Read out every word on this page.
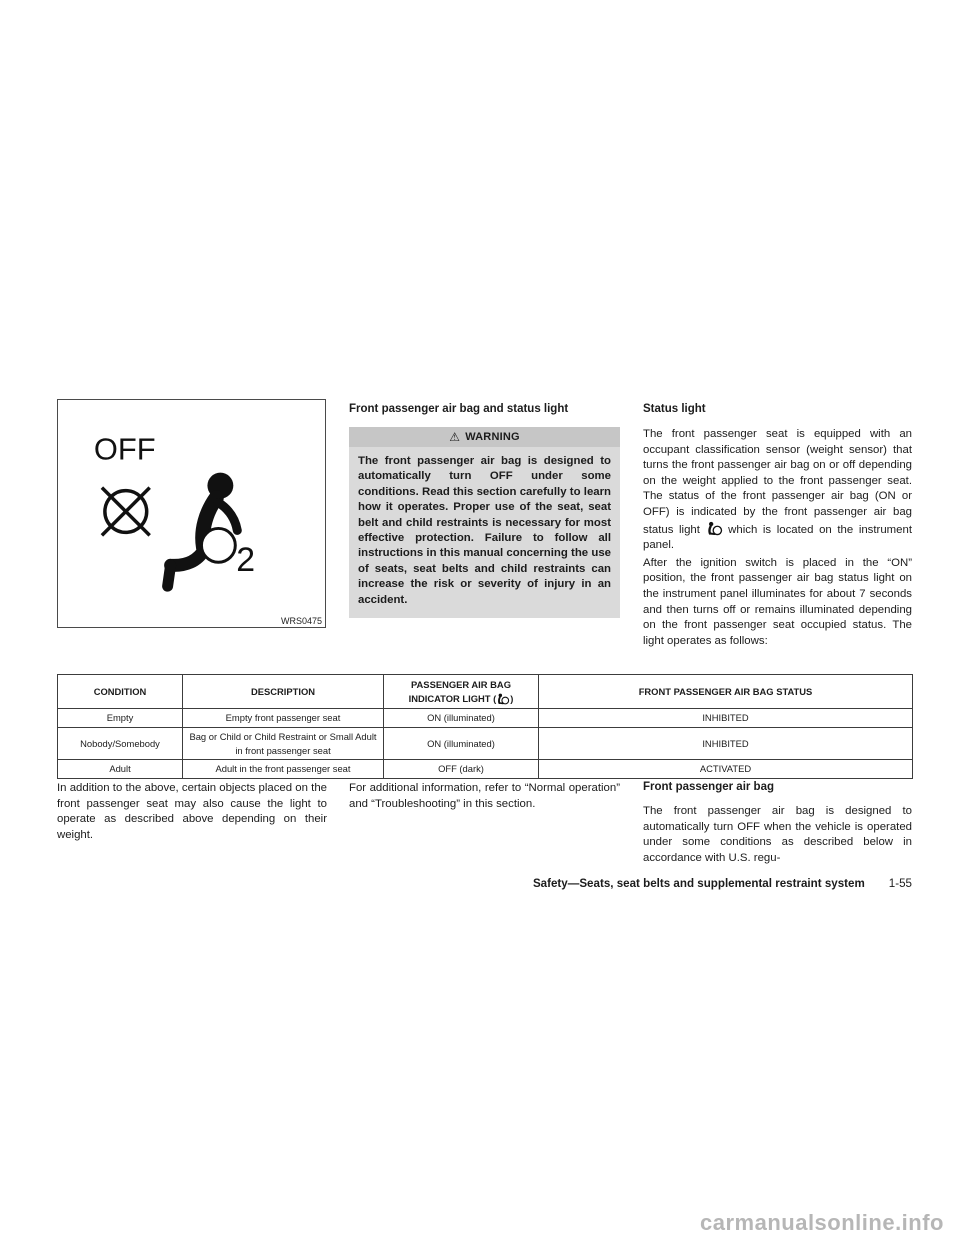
OFF
2
WRS0475
Front passenger air bag and status light
⚠ WARNING

The front passenger air bag is designed to automatically turn OFF under some conditions. Read this section carefully to learn how it operates. Proper use of the seat, seat belt and child restraints is necessary for most effective protection. Failure to follow all instructions in this manual concerning the use of seats, seat belts and child restraints can increase the risk or severity of injury in an accident.

Status light

The front passenger seat is equipped with an occupant classification sensor (weight sensor) that turns the front passenger air bag on or off depending on the weight applied to the front passenger seat. The status of the front passenger air bag (ON or OFF) is indicated by the front passenger air bag status light which is located on the instrument panel.

After the ignition switch is placed in the “ON” position, the front passenger air bag status light on the instrument panel illuminates for about 7 seconds and then turns off or remains illuminated depending on the front passenger seat occupied status. The light operates as follows:

CONDITION	DESCRIPTION	PASSENGER AIR BAG INDICATOR LIGHT ( )	FRONT PASSENGER AIR BAG STATUS
Empty	Empty front passenger seat	ON (illuminated)	INHIBITED
Nobody/Somebody	Bag or Child or Child Restraint or Small Adult in front passenger seat	ON (illuminated)	INHIBITED
Adult	Adult in the front passenger seat	OFF (dark)	ACTIVATED

In addition to the above, certain objects placed on the front passenger seat may also cause the light to operate as described above depending on their weight.

For additional information, refer to “Normal operation” and “Troubleshooting” in this section.

Front passenger air bag

The front passenger air bag is designed to automatically turn OFF when the vehicle is operated under some conditions as described below in accordance with U.S. regu-

Safety—Seats, seat belts and supplemental restraint system 1-55
carmanualsonline.info
